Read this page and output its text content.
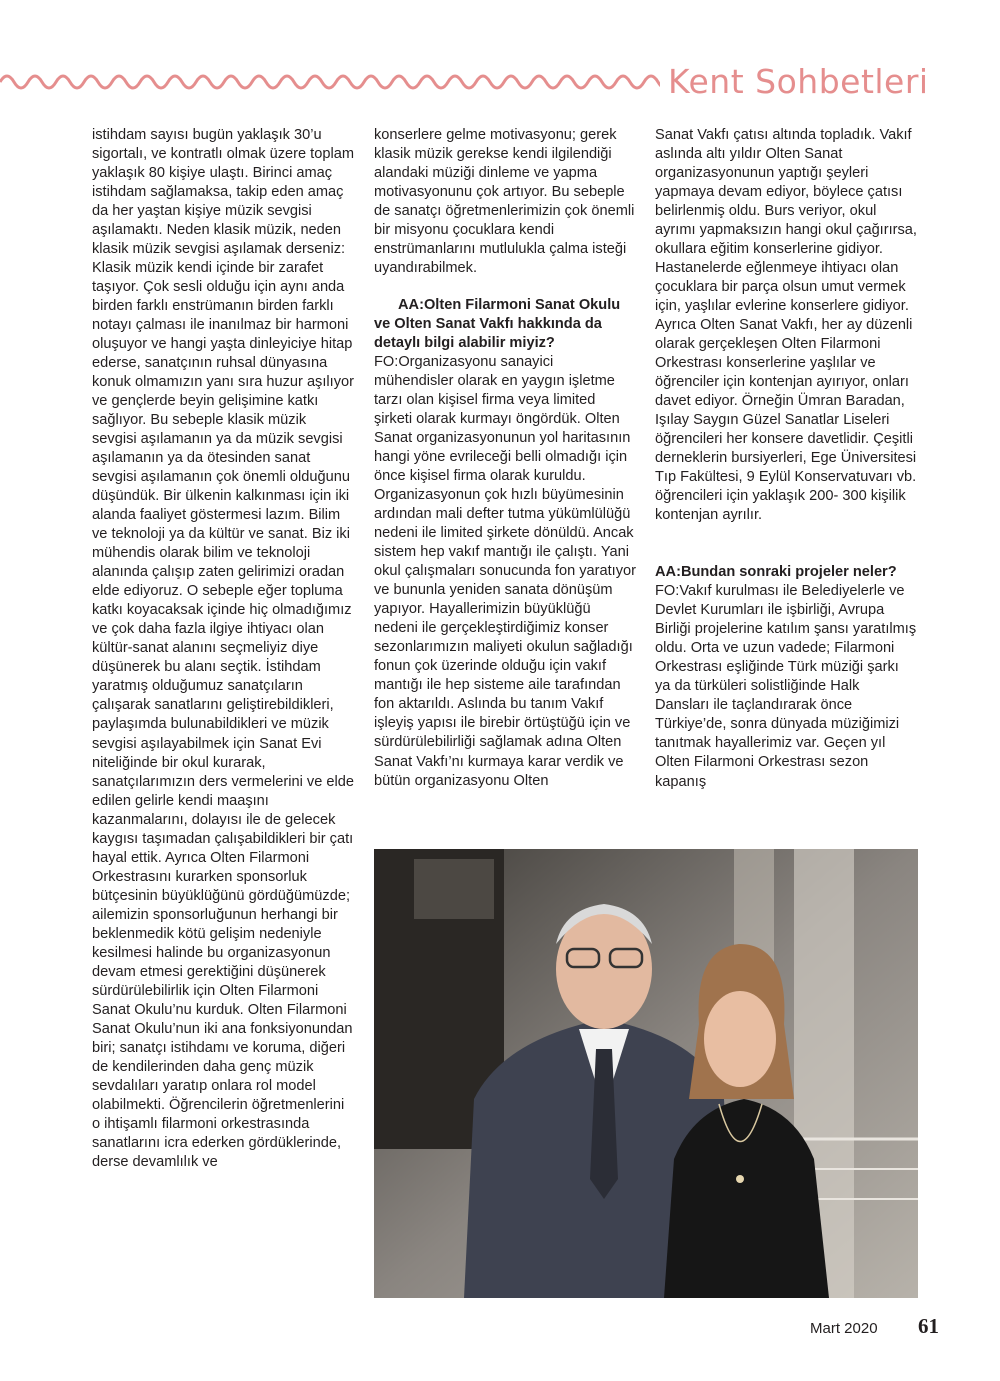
Kent Sohbetleri

istihdam sayısı bugün yaklaşık 30’u sigortalı, ve kontratlı olmak üzere toplam yaklaşık 80 kişiye ulaştı. Birinci amaç istihdam sağlamaksa, takip eden amaç da her yaştan kişiye müzik sevgisi aşılamaktı. Neden klasik müzik, neden klasik müzik sevgisi aşılamak derseniz: Klasik müzik kendi içinde bir zarafet taşıyor. Çok sesli olduğu için aynı anda birden farklı enstrümanın birden farklı notayı çalması ile inanılmaz bir harmoni oluşuyor ve hangi yaşta dinleyiciye hitap ederse, sanatçının ruhsal dünyasına konuk olmamızın yanı sıra huzur aşılıyor ve gençlerde beyin gelişimine katkı sağlıyor. Bu sebeple klasik müzik sevgisi aşılamanın ya da müzik sevgisi aşılamanın ya da ötesinden sanat sevgisi aşılamanın çok önemli olduğunu düşündük. Bir ülkenin kalkınması için iki alanda faaliyet göstermesi lazım. Bilim ve teknoloji ya da kültür ve sanat. Biz iki mühendis olarak bilim ve teknoloji alanında çalışıp zaten gelirimizi oradan elde ediyoruz. O sebeple eğer topluma katkı koyacaksak içinde hiç olmadığımız ve çok daha fazla ilgiye ihtiyacı olan kültür-sanat alanını seçmeliyiz diye düşünerek bu alanı seçtik. İstihdam yaratmış olduğumuz sanatçıların çalışarak sanatlarını geliştirebildikleri, paylaşımda bulunabildikleri ve müzik sevgisi aşılayabilmek için Sanat Evi niteliğinde bir okul kurarak, sanatçılarımızın ders vermelerini ve elde edilen gelirle kendi maaşını kazanmalarını, dolayısı ile de gelecek kaygısı taşımadan çalışabildikleri bir çatı hayal ettik. Ayrıca Olten Filarmoni Orkestrasını kurarken sponsorluk bütçesinin büyüklüğünü gördüğümüzde; ailemizin sponsorluğunun herhangi bir beklenmedik kötü gelişim nedeniyle kesilmesi halinde bu organizasyonun devam etmesi gerektiğini düşünerek sürdürülebilirlik için Olten Filarmoni Sanat Okulu’nu kurduk. Olten Filarmoni Sanat Okulu’nun iki ana fonksiyonundan biri; sanatçı istihdamı ve koruma, diğeri de kendilerinden daha genç müzik sevdalıları yaratıp onlara rol model olabilmekti. Öğrencilerin öğretmenlerini o ihtişamlı filarmoni orkestrasında sanatlarını icra ederken gördüklerinde, derse devamlılık ve

konserlere gelme motivasyonu; gerek klasik müzik gerekse kendi ilgilendiği alandaki müziği dinleme ve yapma motivasyonunu çok artıyor. Bu sebeple de sanatçı öğretmenlerimizin çok önemli bir misyonu çocuklara kendi enstrümanlarını mutlulukla çalma isteği uyandırabilmek.

AA:Olten Filarmoni Sanat Okulu ve Olten Sanat Vakfı hakkında da detaylı bilgi alabilir miyiz? FO:Organizasyonu sanayici mühendisler olarak en yaygın işletme tarzı olan kişisel firma veya limited şirketi olarak kurmayı öngördük. Olten Sanat organizasyonunun yol haritasının hangi yöne evrileceği belli olmadığı için önce kişisel firma olarak kuruldu. Organizasyonun çok hızlı büyümesinin ardından mali defter tutma yükümlülüğü nedeni ile limited şirkete dönüldü. Ancak sistem hep vakıf mantığı ile çalıştı. Yani okul çalışmaları sonucunda fon yaratıyor ve bununla yeniden sanata dönüşüm yapıyor. Hayallerimizin büyüklüğü nedeni ile gerçekleştirdiğimiz konser sezonlarımızın maliyeti okulun sağladığı fonun çok üzerinde olduğu için vakıf mantığı ile hep sisteme aile tarafından fon aktarıldı. Aslında bu tanım Vakıf işleyiş yapısı ile birebir örtüştüğü için ve sürdürülebilirliği sağlamak adına Olten Sanat Vakfı’nı kurmaya karar verdik ve bütün organizasyonu Olten

Sanat Vakfı çatısı altında topladık. Vakıf aslında altı yıldır Olten Sanat organizasyonunun yaptığı şeyleri yapmaya devam ediyor, böylece çatısı belirlenmiş oldu. Burs veriyor, okul ayrımı yapmaksızın hangi okul çağırırsa, okullara eğitim konserlerine gidiyor. Hastanelerde eğlenmeye ihtiyacı olan çocuklara bir parça olsun umut vermek için, yaşlılar evlerine konserlere gidiyor. Ayrıca Olten Sanat Vakfı, her ay düzenli olarak gerçekleşen Olten Filarmoni Orkestrası konserlerine yaşlılar ve öğrenciler için kontenjan ayırıyor, onları davet ediyor. Örneğin Ümran Baradan, Işılay Saygın Güzel Sanatlar Liseleri öğrencileri her konsere davetlidir. Çeşitli derneklerin bursiyerleri, Ege Üniversitesi Tıp Fakültesi, 9 Eylül Konservatuvarı vb. öğrencileri için yaklaşık 200- 300 kişilik kontenjan ayrılır.

AA:Bundan sonraki projeler neler?

FO:Vakıf kurulması ile Belediyelerle ve Devlet Kurumları ile işbirliği, Avrupa Birliği projelerine katılım şansı yaratılmış oldu. Orta ve uzun vadede; Filarmoni Orkestrası eşliğinde Türk müziği şarkı ya da türküleri solistliğinde Halk Dansları ile taçlandırarak önce Türkiye’de, sonra dünyada müziğimizi tanıtmak hayallerimiz var. Geçen yıl Olten Filarmoni Orkestrası sezon kapanış

Mart 2020 61
